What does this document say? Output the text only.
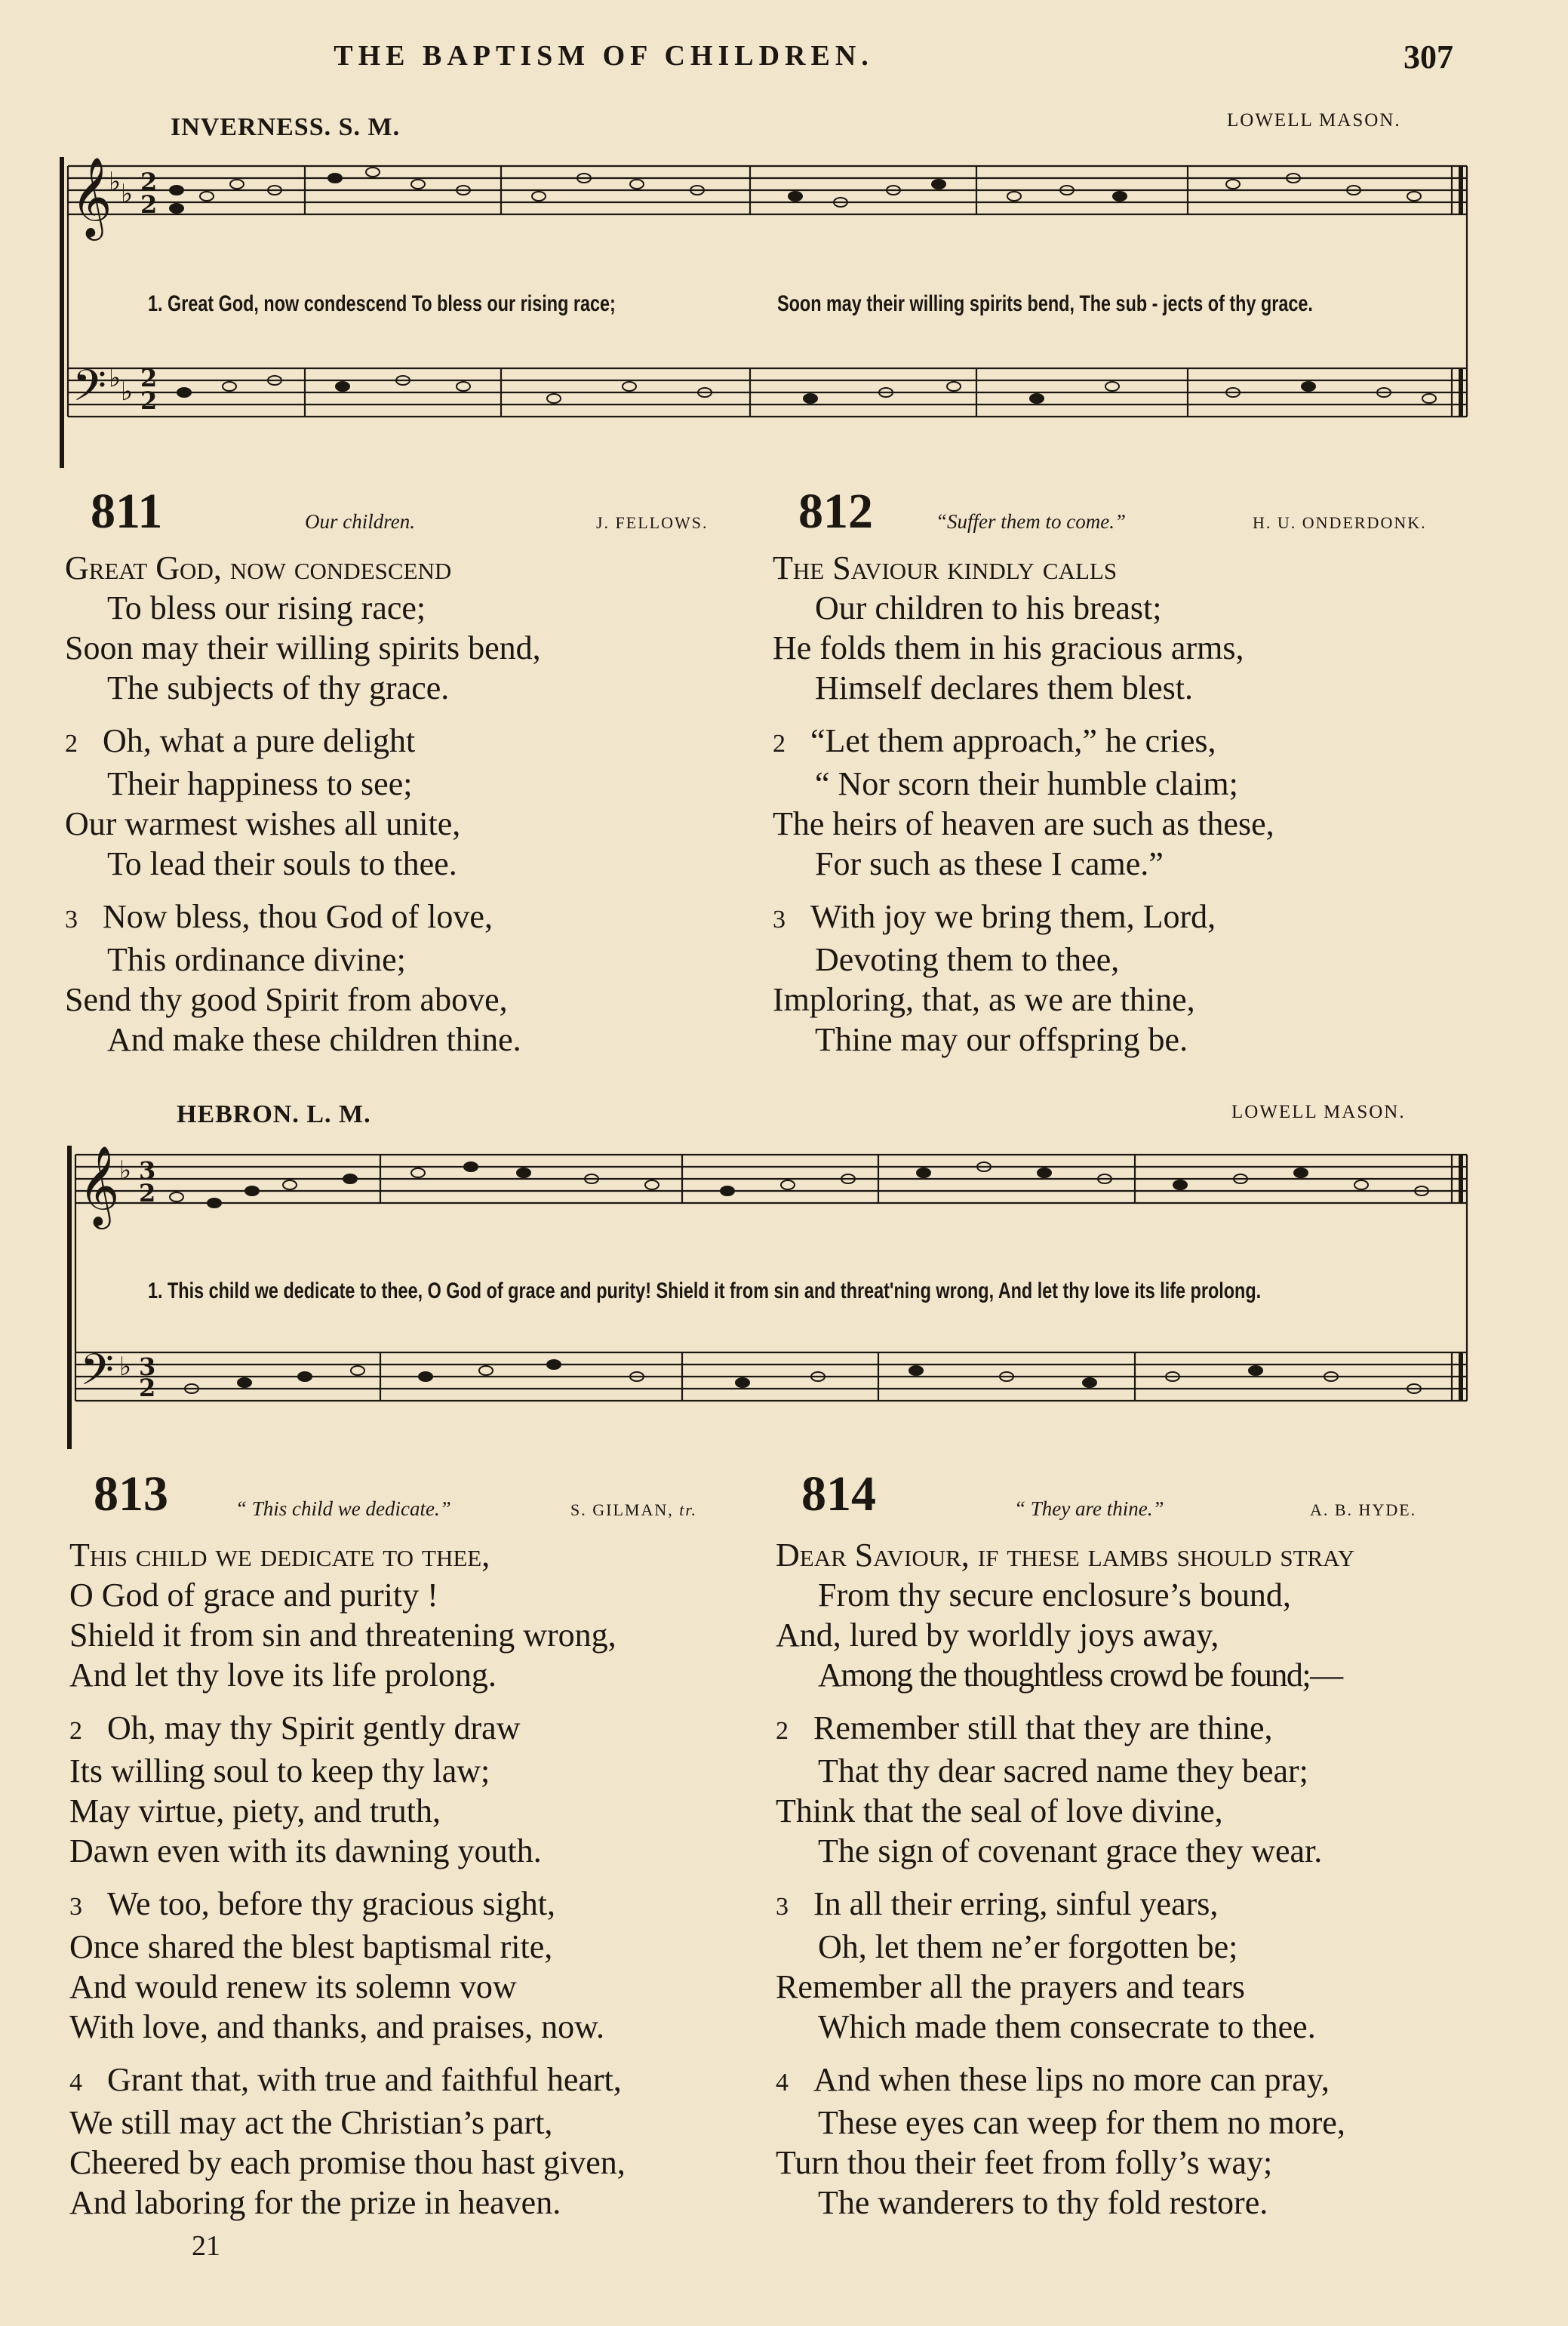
THE BAPTISM OF CHILDREN.	307
INVERNESS. S. M.	LOWELL MASON.
𝄞
𝄢
♭ ♭
♭ ♭
2
2
2
2
1. Great God, now condescend To bless our rising race;	Soon may their willing spirits bend, The sub - jects of thy grace.
811	Our children.	J. FELLOWS.
Great God, now condescend
To bless our rising race;
Soon may their willing spirits bend,
The subjects of thy grace.
2 Oh, what a pure delight
Their happiness to see;
Our warmest wishes all unite,
To lead their souls to thee.
3 Now bless, thou God of love,
This ordinance divine;
Send thy good Spirit from above,
And make these children thine.
812	“Suffer them to come.”	H. U. ONDERDONK.
The Saviour kindly calls
Our children to his breast;
He folds them in his gracious arms,
Himself declares them blest.
2 “Let them approach,” he cries,
“ Nor scorn their humble claim;
The heirs of heaven are such as these,
For such as these I came.”
3 With joy we bring them, Lord,
Devoting them to thee,
Imploring, that, as we are thine,
Thine may our offspring be.
HEBRON. L. M.	LOWELL MASON.
𝄞
𝄢
♭
♭
3
2
3
2
1. This child we dedicate to thee, O God of grace and purity! Shield it from sin and threat'ning wrong, And let thy love its life prolong.
813	“ This child we dedicate.”	S. GILMAN, tr.
This child we dedicate to thee,
O God of grace and purity !
Shield it from sin and threatening wrong,
And let thy love its life prolong.
2 Oh, may thy Spirit gently draw
Its willing soul to keep thy law;
May virtue, piety, and truth,
Dawn even with its dawning youth.
3 We too, before thy gracious sight,
Once shared the blest baptismal rite,
And would renew its solemn vow
With love, and thanks, and praises, now.
4 Grant that, with true and faithful heart,
We still may act the Christian’s part,
Cheered by each promise thou hast given,
And laboring for the prize in heaven.
814	“ They are thine.”	A. B. HYDE.
Dear Saviour, if these lambs should stray
From thy secure enclosure’s bound,
And, lured by worldly joys away,
Among the thoughtless crowd be found;—
2 Remember still that they are thine,
That thy dear sacred name they bear;
Think that the seal of love divine,
The sign of covenant grace they wear.
3 In all their erring, sinful years,
Oh, let them ne’er forgotten be;
Remember all the prayers and tears
Which made them consecrate to thee.
4 And when these lips no more can pray,
These eyes can weep for them no more,
Turn thou their feet from folly’s way;
The wanderers to thy fold restore.
21
